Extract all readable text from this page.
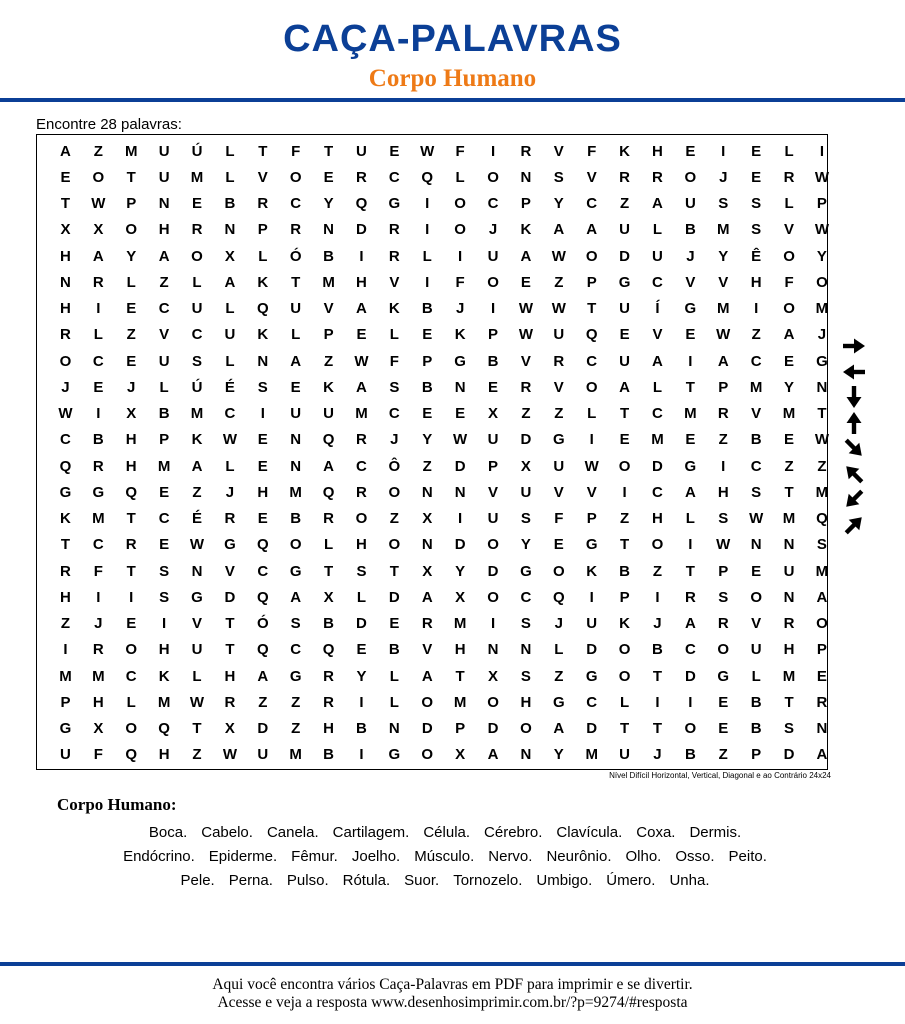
CAÇA-PALAVRAS
Corpo Humano
Encontre 28 palavras:
A	Z	M	U	Ú	L	T	F	T	U	E	W	F	I	R	V	F	K	H	E	I	E	L	I
E	O	T	U	M	L	V	O	E	R	C	Q	L	O	N	S	V	R	R	O	J	E	R	W
T	W	P	N	E	B	R	C	Y	Q	G	I	O	C	P	Y	C	Z	A	U	S	S	L	P
X	X	O	H	R	N	P	R	N	D	R	I	O	J	K	A	A	U	L	B	M	S	V	W
H	A	Y	A	O	X	L	Ó	B	I	R	L	I	U	A	W	O	D	U	J	Y	Ê	O	Y
N	R	L	Z	L	A	K	T	M	H	V	I	F	O	E	Z	P	G	C	V	V	H	F	O
H	I	E	C	U	L	Q	U	V	A	K	B	J	I	W	W	T	U	Í	G	M	I	O	M
R	L	Z	V	C	U	K	L	P	E	L	E	K	P	W	U	Q	E	V	E	W	Z	A	J
O	C	E	U	S	L	N	A	Z	W	F	P	G	B	V	R	C	U	A	I	A	C	E	G
J	E	J	L	Ú	É	S	E	K	A	S	B	N	E	R	V	O	A	L	T	P	M	Y	N
W	I	X	B	M	C	I	U	U	M	C	E	E	X	Z	Z	L	T	C	M	R	V	M	T
C	B	H	P	K	W	E	N	Q	R	J	Y	W	U	D	G	I	E	M	E	Z	B	E	W
Q	R	H	M	A	L	E	N	A	C	Ô	Z	D	P	X	U	W	O	D	G	I	C	Z	Z
G	G	Q	E	Z	J	H	M	Q	R	O	N	N	V	U	V	V	I	C	A	H	S	T	M
K	M	T	C	É	R	E	B	R	O	Z	X	I	U	S	F	P	Z	H	L	S	W	M	Q
T	C	R	E	W	G	Q	O	L	H	O	N	D	O	Y	E	G	T	O	I	W	N	N	S
R	F	T	S	N	V	C	G	T	S	T	X	Y	D	G	O	K	B	Z	T	P	E	U	M
H	I	I	S	G	D	Q	A	X	L	D	A	X	O	C	Q	I	P	I	R	S	O	N	A
Z	J	E	I	V	T	Ó	S	B	D	E	R	M	I	S	J	U	K	J	A	R	V	R	O
I	R	O	H	U	T	Q	C	Q	E	B	V	H	N	N	L	D	O	B	C	O	U	H	P
M	M	C	K	L	H	A	G	R	Y	L	A	T	X	S	Z	G	O	T	D	G	L	M	E
P	H	L	M	W	R	Z	Z	R	I	L	O	M	O	H	G	C	L	I	I	E	B	T	R
G	X	O	Q	T	X	D	Z	H	B	N	D	P	D	O	A	D	T	T	O	E	B	S	N
U	F	Q	H	Z	W	U	M	B	I	G	O	X	A	N	Y	M	U	J	B	Z	P	D	A
Nível Difícil Horizontal, Vertical, Diagonal e ao Contrário 24x24
Corpo Humano:
Boca. Cabelo. Canela. Cartilagem. Célula. Cérebro. Clavícula. Coxa. Dermis.
Endócrino. Epiderme. Fêmur. Joelho. Músculo. Nervo. Neurônio. Olho. Osso. Peito.
Pele. Perna. Pulso. Rótula. Suor. Tornozelo. Umbigo. Úmero. Unha.
Aqui você encontra vários Caça-Palavras em PDF para imprimir e se divertir.
Acesse e veja a resposta www.desenhosimprimir.com.br/?p=9274/#resposta
